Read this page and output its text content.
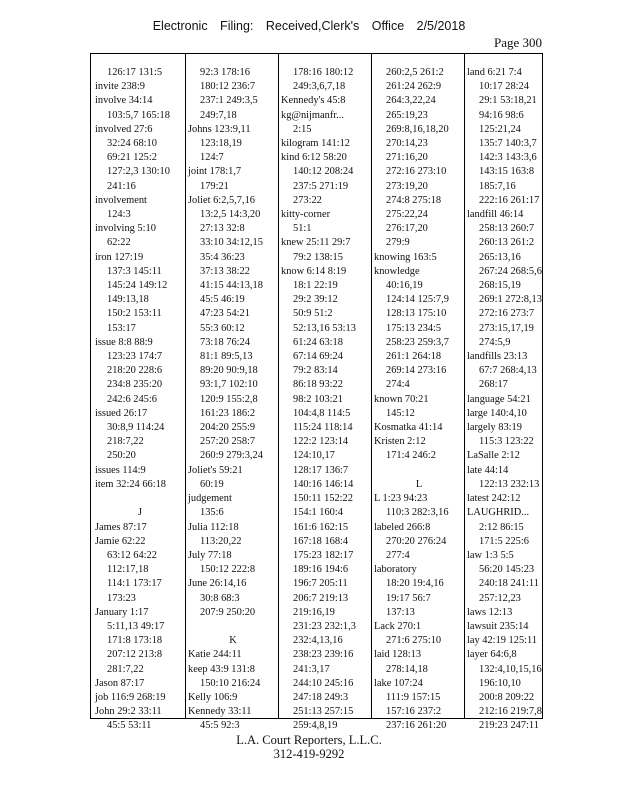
Electronic Filing: Received,Clerk's Office 2/5/2018
Page 300
126:17 131:5
invite 238:9
involve 34:14
103:5,7 165:18
involved 27:6
32:24 68:10
69:21 125:2
127:2,3 130:10
241:16
involvement
124:3
involving 5:10
62:22
iron 127:19
137:3 145:11
145:24 149:12
149:13,18
150:2 153:11
153:17
issue 8:8 88:9
123:23 174:7
218:20 228:6
234:8 235:20
242:6 245:6
issued 26:17
30:8,9 114:24
218:7,22
250:20
issues 114:9
item 32:24 66:18

J
James 87:17
Jamie 62:22
63:12 64:22
112:17,18
114:1 173:17
173:23
January 1:17
5:11,13 49:17
171:8 173:18
207:12 213:8
281:7,22
Jason 87:17
job 116:9 268:19
John 29:2 33:11
45:5 53:11
92:3 178:16
180:12 236:7
237:1 249:3,5
249:7,18
Johns 123:9,11
123:18,19
124:7
joint 178:1,7
179:21
Joliet 6:2,5,7,16
13:2,5 14:3,20
27:13 32:8
33:10 34:12,15
35:4 36:23
37:13 38:22
41:15 44:13,18
45:5 46:19
47:23 54:21
55:3 60:12
73:18 76:24
81:1 89:5,13
89:20 90:9,18
93:1,7 102:10
120:9 155:2,8
161:23 186:2
204:20 255:9
257:20 258:7
260:9 279:3,24
Joliet's 59:21
60:19
judgement
135:6
Julia 112:18
113:20,22
July 77:18
150:12 222:8
June 26:14,16
30:8 68:3
207:9 250:20

K
Katie 244:11
keep 43:9 131:8
150:10 216:24
Kelly 106:9
Kennedy 33:11
45:5 92:3
178:16 180:12
249:3,6,7,18
Kennedy's 45:8
kg@nijmanfr...
2:15
kilogram 141:12
kind 6:12 58:20
140:12 208:24
237:5 271:19
273:22
kitty-corner
51:1
knew 25:11 29:7
79:2 138:15
know 6:14 8:19
18:1 22:19
29:2 39:12
50:9 51:2
52:13,16 53:13
61:24 63:18
67:14 69:24
79:2 83:14
86:18 93:22
98:2 103:21
104:4,8 114:5
115:24 118:14
122:2 123:14
124:10,17
128:17 136:7
140:16 146:14
150:11 152:22
154:1 160:4
161:6 162:15
167:18 168:4
175:23 182:17
189:16 194:6
196:7 205:11
206:7 219:13
219:16,19
231:23 232:1,3
232:4,13,16
238:23 239:16
241:3,17
244:10 245:16
247:18 249:3
251:13 257:15
259:4,8,19
260:2,5 261:2
261:24 262:9
264:3,22,24
265:19,23
269:8,16,18,20
270:14,23
271:16,20
272:16 273:10
273:19,20
274:8 275:18
275:22,24
276:17,20
279:9
knowing 163:5
knowledge
40:16,19
124:14 125:7,9
128:13 175:10
175:13 234:5
258:23 259:3,7
261:1 264:18
269:14 273:16
274:4
known 70:21
145:12
Kosmatka 41:14
Kristen 2:12
171:4 246:2

L
L 1:23 94:23
110:3 282:3,16
labeled 266:8
270:20 276:24
277:4
laboratory
18:20 19:4,16
19:17 56:7
137:13
Lack 270:1
271:6 275:10
laid 128:13
278:14,18
lake 107:24
111:9 157:15
157:16 237:2
237:16 261:20
land 6:21 7:4
10:17 28:24
29:1 53:18,21
94:16 98:6
125:21,24
135:7 140:3,7
142:3 143:3,6
143:15 163:8
185:7,16
222:16 261:17
landfill 46:14
258:13 260:7
260:13 261:2
265:13,16
267:24 268:5,6
268:15,19
269:1 272:8,13
272:16 273:7
273:15,17,19
274:5,9
landfills 23:13
67:7 268:4,13
268:17
language 54:21
large 140:4,10
largely 83:19
115:3 123:22
LaSalle 2:12
late 44:14
122:13 232:13
latest 242:12
LAUGHRID...
2:12 86:15
171:5 225:6
law 1:3 5:5
56:20 145:23
240:18 241:11
257:12,23
laws 12:13
lawsuit 235:14
lay 42:19 125:11
layer 64:6,8
132:4,10,15,16
196:10,10
200:8 209:22
212:16 219:7,8
219:23 247:11
L.A. Court Reporters, L.L.C.
312-419-9292
